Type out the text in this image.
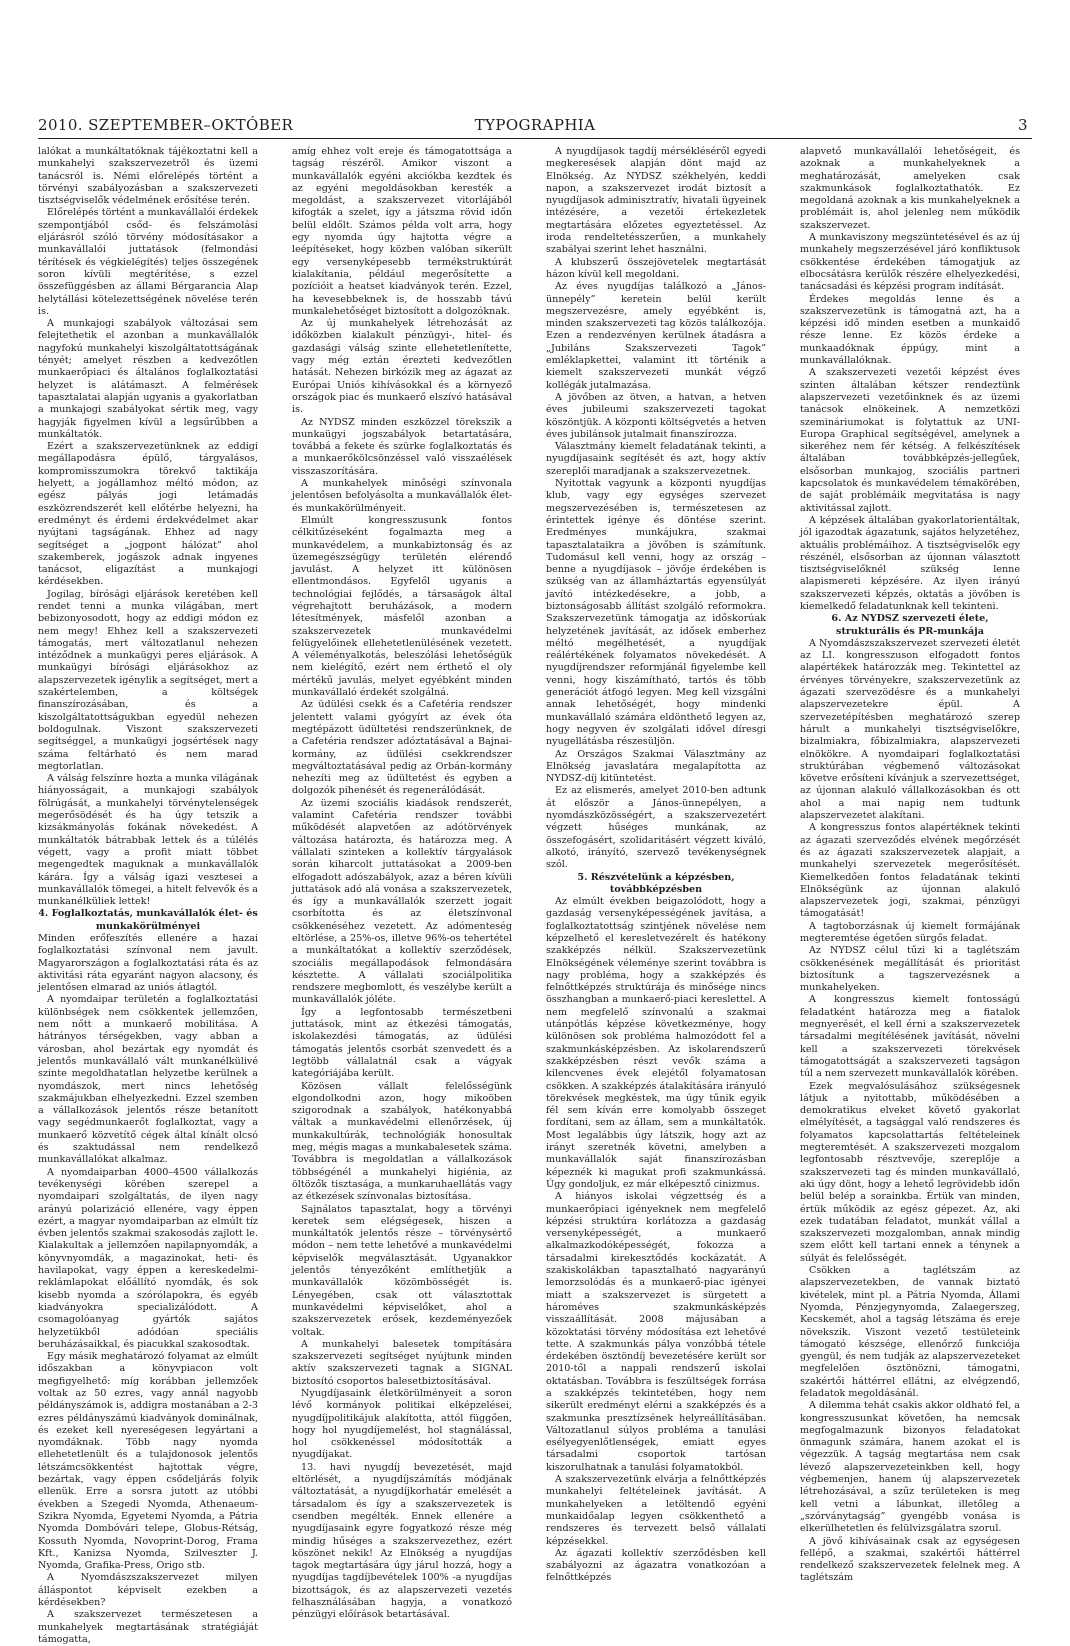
2010. SZEPTEMBER–OKTÓBER	TYPOGRAPHIA	3

lalókat a munkáltatóknak tájékoztatni kell a munkahelyi szakszervezetről és üzemi tanácsról is. Némi előrelépés történt a törvényi szabályozásban a szakszervezeti tisztségviselők védelmének erősítése terén.

Előrelépés történt a munkavállalói érdekek szempontjából csőd- és felszámolási eljárásról szóló törvény módosításakor a munkavállalói juttatások (felmondási térítések és végkielégítés) teljes összegének soron kívüli megtérítése, s ezzel összefüggésben az állami Bérgarancia Alap helytállási kötelezettségének növelése terén is.

A munkajogi szabályok változásai sem felejtethetik el azonban a munkavállalók nagyfokú munkahelyi kiszolgáltatottságának tényét; amelyet részben a kedvezőtlen munkaerőpiaci és általános foglalkoztatási helyzet is alátámaszt. A felmérések tapasztalatai alapján ugyanis a gyakorlatban a munkajogi szabályokat sértik meg, vagy hagyják figyelmen kívül a legsűrűbben a munkáltatók.

Ezért a szakszervezetünknek az eddigi megállapodásra épülő, tárgyalásos, kompromisszumokra törekvő taktikája helyett, a jogállamhoz méltó módon, az egész pályás jogi letámadás eszközrendszerét kell előtérbe helyezni, ha eredményt és érdemi érdekvédelmet akar nyújtani tagságának. Ehhez ad nagy segítséget a „jogpont hálózat” ahol szakemberek, jogászok adnak ingyenes tanácsot, eligazítást a munkajogi kérdésekben.

Jogilag, bírósági eljárások keretében kell rendet tenni a munka világában, mert bebizonyosodott, hogy az eddigi módon ez nem megy! Ehhez kell a szakszervezeti támogatás, mert változatlanul nehezen intéződnek a munkaügyi peres eljárások. A munkaügyi bírósági eljárásokhoz az alapszervezetek igénylik a segítséget, mert a szakértelemben, a költségek finanszírozásában, és a kiszolgáltatottságukban egyedül nehezen boldogulnak. Viszont szakszervezeti segítséggel, a munkaügyi jogsértések nagy száma feltárható és nem marad megtorlatlan.

A válság felszínre hozta a munka világának hiányosságait, a munkajogi szabályok fölrúgását, a munkahelyi törvénytelenségek megerősödését és ha úgy tetszik a kizsákmányolás fokának növekedést. A munkáltatók bátrabbak lettek és a túlélés végett, vagy a profit miatt többet megengedtek maguknak a munkavállalók kárára. Így a válság igazi vesztesei a munkavállalók tömegei, a hitelt felvevők és a munkanélküliek lettek!

4. Foglalkoztatás, munkavállalók élet- és munkakörülményei

Minden erőfeszítés ellenére a hazai foglalkoztatási színvonal nem javult. Magyarországon a foglalkoztatási ráta és az aktivitási ráta egyaránt nagyon alacsony, és jelentősen elmarad az uniós átlagtól.

A nyomdaipar területén a foglalkoztatási különbségek nem csökkentek jellemzően, nem nőtt a munkaerő mobilitása. A hátrányos térségekben, vagy abban a városban, ahol bezártak egy nyomdát és jelentős munkavállaló vált munkanélkülivé szinte megoldhatatlan helyzetbe kerülnek a nyomdászok, mert nincs lehetőség szakmájukban elhelyezkedni. Ezzel szemben a vállalkozások jelentős része betanított vagy segédmunkaerőt foglalkoztat, vagy a munkaerő közvetítő cégek által kínált olcsó és szaktudással nem rendelkező munkavállalókat alkalmaz.

A nyomdaiparban 4000–4500 vállalkozás tevékenységi körében szerepel a nyomdaipari szolgáltatás, de ilyen nagy arányú polarizáció ellenére, vagy éppen ezért, a magyar nyomdaiparban az elmúlt tíz évben jelentős szakmai szakosodás zajlott le. Kialakultak a jellemzően napilapnyomdák, a könyvnyomdák, a magazinokat, heti- és havilapokat, vagy éppen a kereskedelmi-reklámlapokat előállító nyomdák, és sok kisebb nyomda a szórólapokra, és egyéb kiadványokra specializálódott. A csomagolóanyag gyártók sajátos helyzetükből adódóan speciális beruházásaikkal, és piacukkal szakosodtak.

Egy másik meghatározó folyamat az elmúlt időszakban a könyvpiacon volt megfigyelhető: míg korábban jellemzőek voltak az 50 ezres, vagy annál nagyobb példányszámok is, addigra mostanában a 2-3 ezres példányszámú kiadványok dominálnak, és ezeket kell nyereségesen legyártani a nyomdáknak. Több nagy nyomda ellehetetlenült és a tulajdonosok jelentős létszámcsökkentést hajtottak végre, bezártak, vagy éppen csődeljárás folyik ellenük. Erre a sorsra jutott az utóbbi években a Szegedi Nyomda, Athenaeum-Szikra Nyomda, Egyetemi Nyomda, a Pátria Nyomda Dombóvári telepe, Globus-Rétság, Kossuth Nyomda, Novoprint-Dorog, Frama Kft., Kanizsa Nyomda, Szilveszter J. Nyomda, Grafika-Press, Origo stb.

A Nyomdászszakszervezet milyen álláspontot képviselt ezekben a kérdésekben?

A szakszervezet természetesen a munkahelyek megtartásának stratégiáját támogatta,

amíg ehhez volt ereje és támogatottsága a tagság részéről. Amikor viszont a munkavállalók egyéni akciókba kezdtek és az egyéni megoldásokban keresték a megoldást, a szakszervezet vitorlájából kifogták a szelet, így a játszma rövid időn belül eldőlt. Számos példa volt arra, hogy egy nyomda úgy hajtotta végre a leépítéseket, hogy közben valóban sikerült egy versenyképesebb termékstruktúrát kialakítania, például megerősítette a pozícióit a heatset kiadványok terén. Ezzel, ha kevesebbeknek is, de hosszabb távú munkalehetőséget biztosított a dolgozóknak.

Az új munkahelyek létrehozását az időközben kialakult pénzügyi-, hitel- és gazdasági válság szinte ellehetetlenítette, vagy még eztán érezteti kedvezőtlen hatását. Nehezen birkózik meg az ágazat az Európai Uniós kihívásokkal és a környező országok piac és munkaerő elszívó hatásával is.

Az NYDSZ minden eszközzel törekszik a munkaügyi jogszabályok betartatására, továbbá a fekete és szürke foglalkoztatás és a munkaerőkölcsönzéssel való visszaélések visszaszorítására.

A munkahelyek minőségi színvonala jelentősen befolyásolta a munkavállalók élet- és munkakörülményeit.

Elmúlt kongresszusunk fontos célkitűzéseként fogalmazta meg a munkavédelem, a munkabiztonság és az üzemegészségügy területén elérendő javulást. A helyzet itt különösen ellentmondásos. Egyfelől ugyanis a technológiai fejlődés, a társaságok által végrehajtott beruházások, a modern létesítmények, másfelől azonban a szakszervezetek munkavédelmi felügyelőinek ellehetetlenülésének vezetett. A véleményalkotás, beleszólási lehetőségük nem kielégítő, ezért nem érthető el oly mértékű javulás, melyet egyébként minden munkavállaló érdekét szolgálná.

Az üdülési csekk és a Cafetéria rendszer jelentett valami gyógyírt az évek óta megtépázott üdültetési rendszerünknek, de a Cafetéria rendszer adóztatásával a Bajnai-kormány, az üdülési csekkrendszer megváltoztatásával pedig az Orbán-kormány nehezíti meg az üdültetést és egyben a dolgozók pihenését és regenerálódását.

Az üzemi szociális kiadások rendszerét, valamint Cafetéria rendszer további működését alapvetően az adótörvények változása határozta, és határozza meg. A vállalati szinteken a kollektív tárgyalások során kiharcolt juttatásokat a 2009-ben elfogadott adószabályok, azaz a béren kívüli juttatások adó alá vonása a szakszervezetek, és így a munkavállalók szerzett jogait csorbította és az életszínvonal csökkenéséhez vezetett. Az adómenteség eltörlése, a 25%-os, illetve 96%-os tehertétel a munkáltatókat a kollektív szerződések, szociális megállapodások felmondására késztette. A vállalati szociálpolitika rendszere megbomlott, és veszélybe került a munkavállalók jóléte.

Így a legfontosabb természetbeni juttatások, mint az étkezési támogatás, iskolakezdési támogatás, az üdülési támogatás jelentős csorbát szenvedett és a legtöbb vállalatnál csak a vágyak kategóriájába került.

Közösen vállalt felelősségünk elgondolkodni azon, hogy mikoöben szigorodnak a szabályok, hatékonyabbá váltak a munkavédelmi ellenőrzések, új munkakultúrák, technológiák honosultak meg, mégis magas a munkabalesetek száma. Továbbra is megoldatlan a vállalkozások többségénél a munkahelyi higiénia, az öltözők tisztasága, a munkaruhaellátás vagy az étkezések színvonalas biztosítása.

Sajnálatos tapasztalat, hogy a törvényi keretek sem elégségesek, hiszen a munkáltatók jelentős része – törvénysértő módon – nem tette lehetővé a munkavédelmi képviselők megválasztását. Ugyanakkor jelentős tényezőként említhetjük a munkavállalók közömbösségét is. Lényegében, csak ott választottak munkavédelmi képviselőket, ahol a szakszervezetek erősek, kezdeményezőek voltak.

A munkahelyi balesetek tompítására szakszervezeti segítséget nyújtunk minden aktív szakszervezeti tagnak a SIGNAL biztosító csoportos balesetbiztosításával.

Nyugdíjasaink életkörülményeit a soron lévő kormányok politikai elképzelései, nyugdíjpolitikájuk alakította, attól függően, hogy hol nyugdíjemelést, hol stagnálással, hol csökkenéssel módosították a nyugdíjakat.

13. havi nyugdíj bevezetését, majd eltörlését, a nyugdíjszámítás módjának változtatását, a nyugdíjkorhatár emelését a társadalom és így a szakszervezetek is csendben megélték. Ennek ellenére a nyugdíjasaink egyre fogyatkozó része még mindig hűséges a szakszervezethez, ezért köszönet nekik! Az Elnökség a nyugdíjas tagok megtartására úgy járul hozzá, hogy a nyugdíjas tagdíjbevételek 100% -a nyugdíjas bizottságok, és az alapszervezeti vezetés felhasználásában hagyja, a vonatkozó pénzügyi előírások betartásával.

A nyugdíjasok tagdíj mérsékléséről egyedi megkeresések alapján dönt majd az Elnökség. Az NYDSZ székhelyén, keddi napon, a szakszervezet irodát biztosít a nyugdíjasok adminisztratív, hivatali ügyeinek intézésére, a vezetői értekezletek megtartására előzetes egyeztetéssel. Az iroda rendeltetésszerűen, a munkahely szabályai szerint lehet használni.

A klubszerű összejövetelek megtartását házon kívül kell megoldani.

Az éves nyugdíjas találkozó a „János-ünnepély” keretein belül került megszervezésre, amely egyébként is, minden szakszervezeti tag közös találkozója. Ezen a rendezvényen kerülnek átadásra a „Jubiláns Szakszervezeti Tagok” emléklapkettei, valamint itt történik a kiemelt szakszervezeti munkát végző kollégák jutalmazása.

A jövőben az ötven, a hatvan, a hetven éves jubileumi szakszervezeti tagokat köszöntjük. A központi költségvetés a hetven éves jubilánsok jutalmait finanszírozza.

Választmány kiemelt feladatának tekinti, a nyugdíjasaink segítését és azt, hogy aktív szereplői maradjanak a szakszervezetnek.

Nyitottak vagyunk a központi nyugdíjas klub, vagy egy egységes szervezet megszervezésében is, természetesen az érintettek igénye és döntése szerint. Eredményes munkájukra, szakmai tapasztalataikra a jövőben is számítunk. Tudomásul kell venni, hogy az ország – benne a nyugdíjasok – jövője érdekében is szükség van az államháztartás egyensúlyát javító intézkedésekre, a jobb, a biztonságosabb állítást szolgáló reformokra. Szakszervezetünk támogatja az időskorúak helyzetének javítását, az idősek emberhez méltó megélhetését, a nyugdíjak reálértékének folyamatos növekedését. A nyugdíjrendszer reformjánál figyelembe kell venni, hogy kiszámítható, tartós és több generációt átfogó legyen. Meg kell vizsgálni annak lehetőségét, hogy mindenki munkavállaló számára eldönthető legyen az, hogy negyven év szolgálati idővel díresgi nyugellátásba részesüljön.

Az Országos Szakmai Választmány az Elnökség javaslatára megalapította az NYDSZ-díj kitüntetést.

Ez az elismerés, amelyet 2010-ben adtunk át először a János-ünnepélyen, a nyomdászközösségért, a szakszervezetért végzett hűséges munkának, az összefogásért, szolidaritásért végzett kiváló, alkotó, irányító, szervező tevékenységnek szól.

5. Részvételünk a képzésben, továbbképzésben

Az elmúlt években beigazolódott, hogy a gazdaság versenyképességének javítása, a foglalkoztatottság szintjének növelése nem képzelhető el keresletvezérelt és hatékony szakképzés nélkül. Szakszervezetünk Elnökségének véleménye szerint továbbra is nagy probléma, hogy a szakképzés és felnőttképzés struktúrája és minősége nincs összhangban a munkaerő-piaci kereslettel. A nem megfelelő színvonalú a szakmai utánpótlás képzése következménye, hogy különösen sok probléma halmozódott fel a szakmunkásképzésben. Az iskolarendszerű szakképzésben részt vevők száma a kilencvenes évek elejétől folyamatosan csökken. A szakképzés átalakítására irányuló törekvések megkéstek, ma úgy tűnik egyik fél sem kíván erre komolyabb összeget fordítani, sem az állam, sem a munkáltatók. Most legalábbis úgy látszik, hogy azt az irányt szeretnék követni, amelyben a munkavállalók saját finanszírozásban képeznék ki magukat profi szakmunkássá. Úgy gondoljuk, ez már elképesztő cinizmus.

A hiányos iskolai végzettség és a munkaerőpiaci igényeknek nem megfelelő képzési struktúra korlátozza a gazdaság versenyképességét, a munkaerő alkalmazkodóképességét, fokozza a társadalmi kirekesztődés kockázatát. A szakiskolákban tapasztalható nagyarányú lemorzsolódás és a munkaerő-piac igényei miatt a szakszervezet is sürgetett a hároméves szakmunkásképzés visszaállítását. 2008 májusában a közoktatási törvény módosítása ezt lehetővé tette. A szakmunkás pálya vonzóbbá tétele érdekében ösztöndíj bevezetésére került sor 2010-től a nappali rendszerű iskolai oktatásban. Továbbra is feszültségek forrása a szakképzés tekintetében, hogy nem sikerült eredményt elérni a szakképzés és a szakmunka presztízsének helyreállításában. Változatlanul súlyos probléma a tanulási esélyegyenlőtlenségek, emiatt egyes társadalmi csoportok tartósan kiszorulhatnak a tanulási folyamatokból.

A szakszervezetünk elvárja a felnőttképzés munkahelyi feltételeinek javítását. A munkahelyeken a letöltendő egyéni munkaidőalap legyen csökkenthető a rendszeres és tervezett belső vállalati képzésekkel.

Az ágazati kollektív szerződésben kell szabályozni az ágazatra vonatkozóan a felnőttképzés

alapvető munkavállalói lehetőségeit, és azoknak a munkahelyeknek a meghatározását, amelyeken csak szakmunkások foglalkoztathatók. Ez megoldaná azoknak a kis munkahelyeknek a problémáit is, ahol jelenleg nem működik szakszervezet.

A munkaviszony megszüntetésével és az új munkahely megszerzésével járó konfliktusok csökkentése érdekében támogatjuk az elbocsátásra kerülők részére elhelyezkedési, tanácsadási és képzési program indítását.

Érdekes megoldás lenne és a szakszervezetünk is támogatná azt, ha a képzési idő minden esetben a munkaidő része lenne. Ez közös érdeke a munkaadóknak éppúgy, mint a munkavállalóknak.

A szakszervezeti vezetői képzést éves szinten általában kétszer rendeztünk alapszervezeti vezetőinknek és az üzemi tanácsok elnökeinek. A nemzetközi szemináriumokat is folytattuk az UNI-Europa Graphical segítségével, amelynek a sikeréhez nem fér kétség. A felkészítések általában továbbképzés-jellegűek, elsősorban munkajog, szociális partneri kapcsolatok és munkavédelem témakörében, de saját problémáik megvitatása is nagy aktivitással zajlott.

A képzések általában gyakorlatorientáltak, jól igazodtak ágazatunk, sajátos helyzetéhez, aktuális problémáihoz. A tisztségviselők egy részénél, elsősorban az újonnan választott tisztségviselőknél szükség lenne alapismereti képzésére. Az ilyen irányú szakszervezeti képzés, oktatás a jövőben is kiemelkedő feladatunknak kell tekinteni.

6. Az NYDSZ szervezeti élete, strukturális és PR-munkája

A Nyomdászszakszervezet szervezeti életét az LI. kongresszuson elfogadott fontos alapértékek határozzák meg. Tekintettel az érvényes törvényekre, szakszervezetünk az ágazati szervezödésre és a munkahelyi alapszervezetekre épül. A szervezetépítésben meghatározó szerep hárult a munkahelyi tisztségviselőkre, bizalmiakra, főbizalmiakra, alapszervezeti elnökökre. A nyomdaipari foglalkoztatási struktúrában végbemenő változásokat követve erősíteni kívánjuk a szervezettséget, az újonnan alakuló vállalkozásokban és ott ahol a mai napig nem tudtunk alapszervezetet alakítani.

A kongresszus fontos alapértéknek tekinti az ágazati szerveződés elvének megőrzését és az ágazati szakszervezetek alapjait, a munkahelyi szervezetek megerősítését. Kiemelkedően fontos feladatának tekinti Elnökségünk az újonnan alakuló alapszervezetek jogi, szakmai, pénzügyi támogatását!

A tagtoborzásnak új kiemelt formájának megteremtése égetően sürgős feladat.

Az NYDSZ célul tűzi ki a taglétszám csökkenésének megállítását és prioritást biztosítunk a tagszervezésnek a munkahelyeken.

A kongresszus kiemelt fontosságú feladatként határozza meg a fiatalok megnyerését, el kell érni a szakszervezetek társadalmi megítélésének javítását, növelni kell a szakszervezeti törekvések támogatottságát a szakszervezeti tagságon túl a nem szervezett munkavállalók körében.

Ezek megvalósulásához szükségesnek látjuk a nyitottabb, működésében a demokratikus elveket követő gyakorlat elmélyítését, a tagsággal való rendszeres és folyamatos kapcsolattartás feltételeinek megteremtését. A szakszervezeti mozgalom legfontosabb résztvevője, szereplője a szakszervezeti tag és minden munkavállaló, aki úgy dönt, hogy a lehető legrövidebb időn belül belép a sorainkba. Értük van minden, értük működik az egész gépezet. Az, aki ezek tudatában feladatot, munkát vállal a szakszervezeti mozgalomban, annak mindig szem előtt kell tartani ennek a ténynek a súlyát és felelősségét.

Csökken a taglétszám az alapszervezetekben, de vannak biztató kivételek, mint pl. a Pátria Nyomda, Állami Nyomda, Pénzjegynyomda, Zalaegerszeg, Kecskemét, ahol a tagság létszáma és ereje növekszik. Viszont vezető testületeink támogató készsége, ellenőrző funkciója gyengül, és nem tudják az alapszervezeteket megfelelően ösztönözni, támogatni, szakértői háttérrel ellátni, az elvégzendő, feladatok megoldásánál.

A dilemma tehát csakis akkor oldható fel, a kongresszusunkat követően, ha nemcsak megfogalmazunk bizonyos feladatokat önmagunk számára, hanem azokat el is végezzük. A tagság megtartása nem csak lévező alapszervezeteinkben kell, hogy végbemenjen, hanem új alapszervezetek létrehozásával, a szűz területeken is meg kell vetni a lábunkat, illetőleg a „szórványtagság” gyengébb vonása is elkerülhetetlen és felülvizsgálatra szorul.

A jövő kihívásainak csak az egységesen fellépő, a szakmai, szakértői háttérrel rendelkező szakszervezetek felelnek meg. A taglétszám
